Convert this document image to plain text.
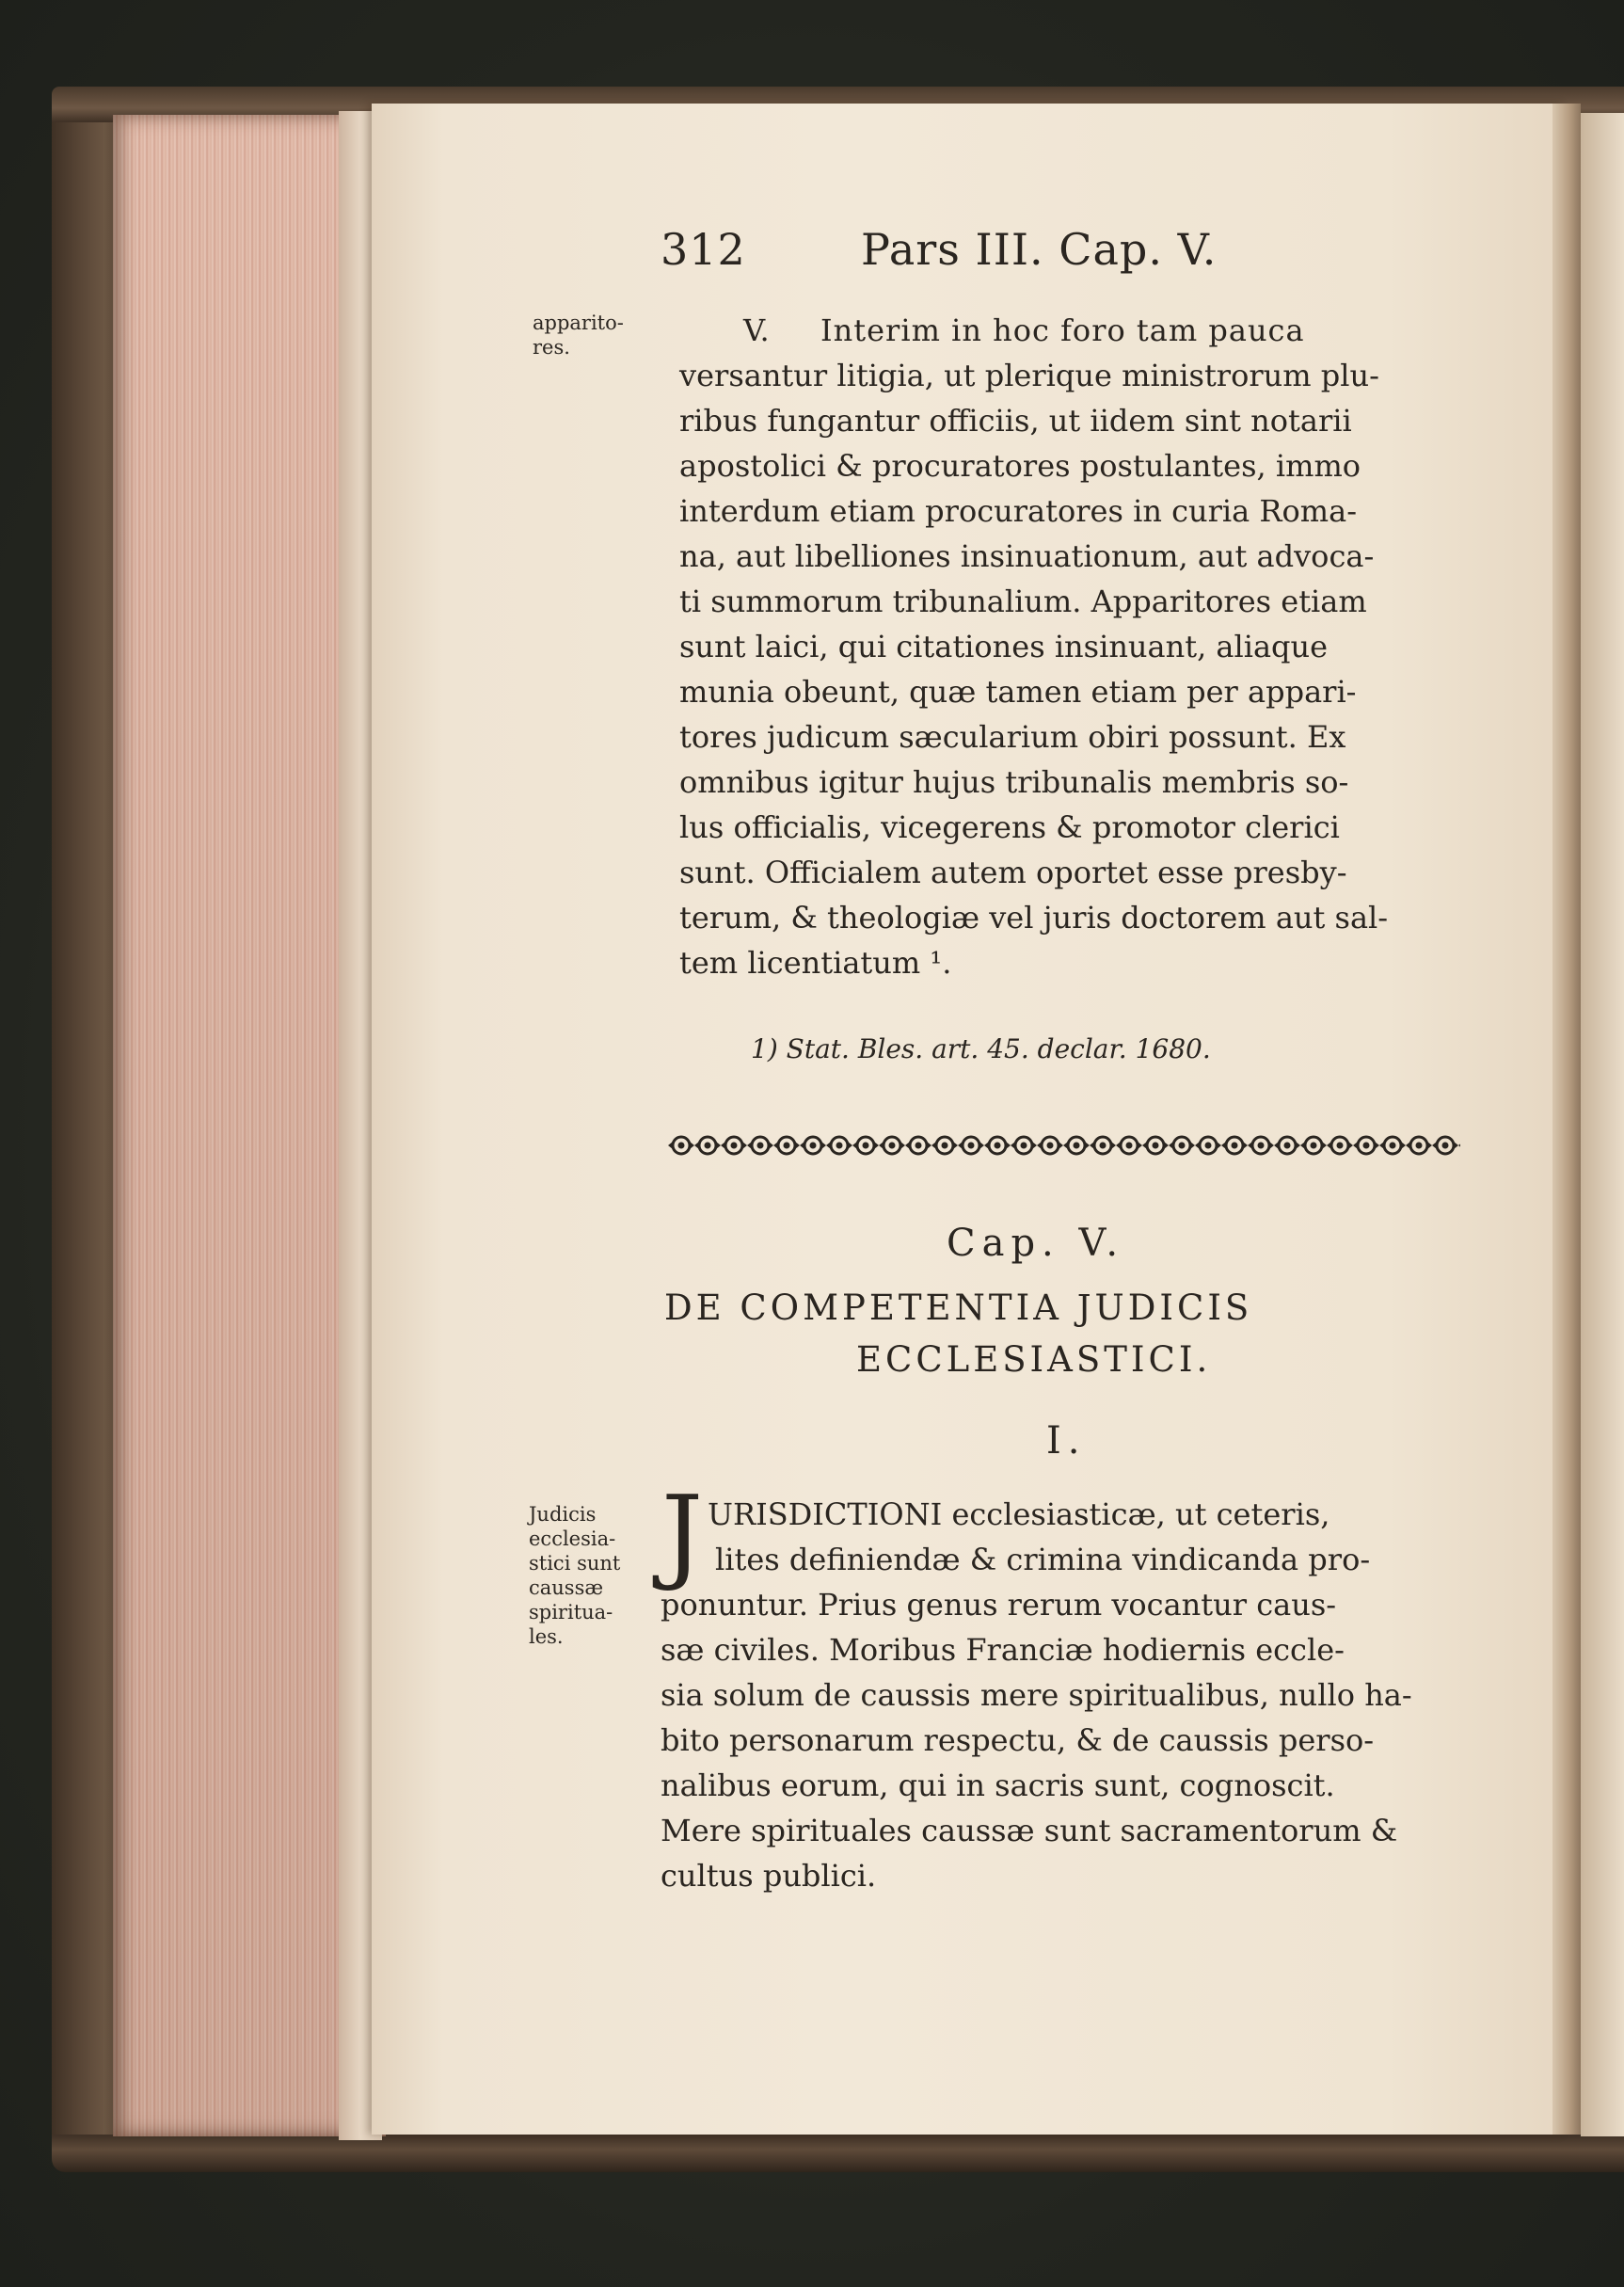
312	Pars III. Cap. V.
apparito-
res.	V. Interim in hoc foro tam pauca
versantur litigia, ut plerique ministrorum plu-
ribus fungantur officiis, ut iidem sint notarii
apostolici & procuratores postulantes, immo
interdum etiam procuratores in curia Roma-
na, aut libelliones insinuationum, aut advoca-
ti summorum tribunalium. Apparitores etiam
sunt laici, qui citationes insinuant, aliaque
munia obeunt, quæ tamen etiam per appari-
tores judicum sæcularium obiri possunt. Ex
omnibus igitur hujus tribunalis membris so-
lus officialis, vicegerens & promotor clerici
sunt. Officialem autem oportet esse presby-
terum, & theologiæ vel juris doctorem aut sal-
tem licentiatum ¹.
1) Stat. Bles. art. 45. declar. 1680.
Cap. V.
DE COMPETENTIA JUDICIS
ECCLESIASTICI.
I.
Judicis
ecclesia-
stici sunt
caussæ
spiritua-
les.
J URISDICTIONI ecclesiasticæ, ut ceteris,
lites definiendæ & crimina vindicanda pro-
ponuntur. Prius genus rerum vocantur caus-
sæ civiles. Moribus Franciæ hodiernis eccle-
sia solum de caussis mere spiritualibus, nullo ha-
bito personarum respectu, & de caussis perso-
nalibus eorum, qui in sacris sunt, cognoscit.
Mere spirituales caussæ sunt sacramentorum &
cultus publici.
